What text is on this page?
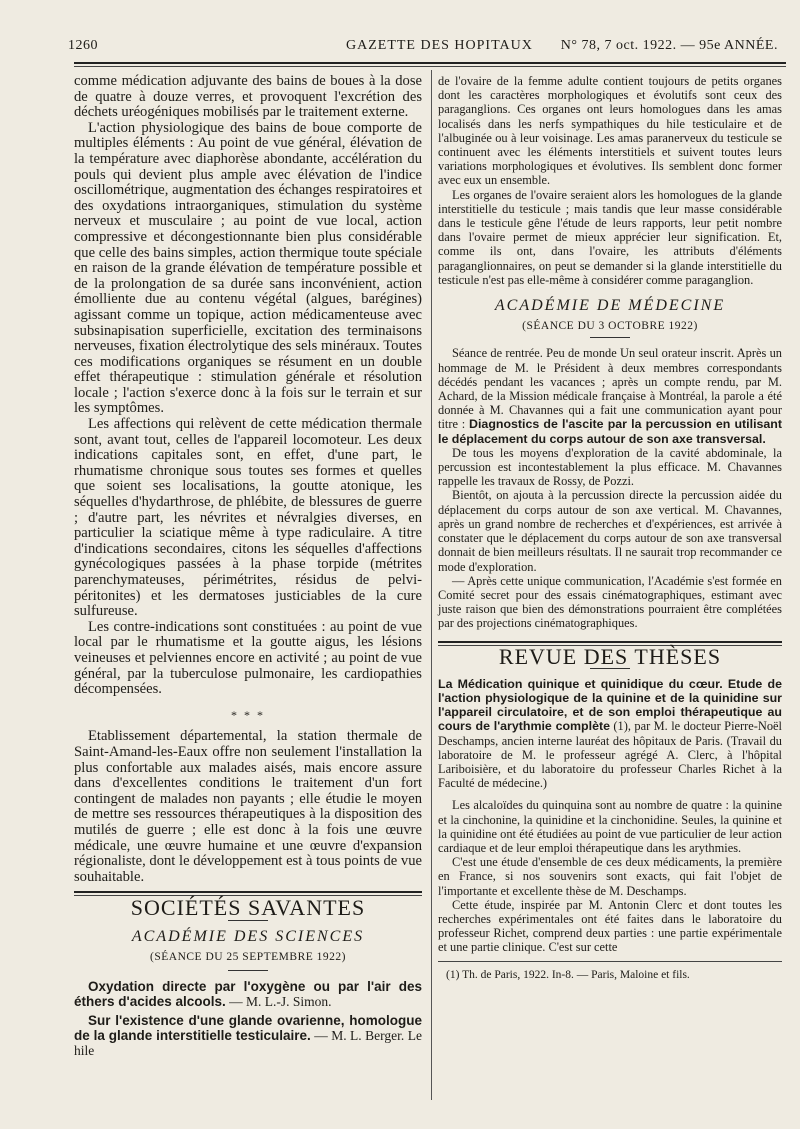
1260	GAZETTE DES HOPITAUX N° 78, 7 oct. 1922. — 95e ANNÉE.

comme médication adjuvante des bains de boues à la dose de quatre à douze verres, et provoquent l'excrétion des déchets uréogéniques mobilisés par le traitement externe.

L'action physiologique des bains de boue comporte de multiples éléments : Au point de vue général, élévation de la température avec diaphorèse abondante, accélération du pouls qui devient plus ample avec élévation de l'indice oscillométrique, augmentation des échanges respiratoires et des oxydations intraorganiques, stimulation du système nerveux et musculaire ; au point de vue local, action compressive et décongestionnante bien plus considérable que celle des bains simples, action thermique toute spéciale en raison de la grande élévation de température possible et de la prolongation de sa durée sans inconvénient, action émolliente due au contenu végétal (algues, barégines) agissant comme un topique, action médicamenteuse avec subsinapisation superficielle, excitation des terminaisons nerveuses, fixation électrolytique des sels minéraux. Toutes ces modifications organiques se résument en un double effet thérapeutique : stimulation générale et résolution locale ; l'action s'exerce donc à la fois sur le terrain et sur les symptômes.

Les affections qui relèvent de cette médication thermale sont, avant tout, celles de l'appareil locomoteur. Les deux indications capitales sont, en effet, d'une part, le rhumatisme chronique sous toutes ses formes et quelles que soient ses localisations, la goutte atonique, les séquelles d'hydarthrose, de phlébite, de blessures de guerre ; d'autre part, les névrites et névralgies diverses, en particulier la sciatique même à type radiculaire. A titre d'indications secondaires, citons les séquelles d'affections gynécologiques passées à la phase torpide (métrites parenchymateuses, périmétrites, résidus de pelvi-péritonites) et les dermatoses justiciables de la cure sulfureuse.

Les contre-indications sont constituées : au point de vue local par le rhumatisme et la goutte aigus, les lésions veineuses et pelviennes encore en activité ; au point de vue général, par la tuberculose pulmonaire, les cardiopathies décompensées.

* * *

Etablissement départemental, la station thermale de Saint-Amand-les-Eaux offre non seulement l'installation la plus confortable aux malades aisés, mais encore assure dans d'excellentes conditions le traitement d'un fort contingent de malades non payants ; elle étudie le moyen de mettre ses ressources thérapeutiques à la disposition des mutilés de guerre ; elle est donc à la fois une œuvre médicale, une œuvre humaine et une œuvre d'expansion régionaliste, dont le développement est à tous points de vue souhaitable.

SOCIÉTÉS SAVANTES
ACADÉMIE DES SCIENCES
(SÉANCE DU 25 SEPTEMBRE 1922)

Oxydation directe par l'oxygène ou par l'air des éthers d'acides alcools. — M. L.-J. Simon.

Sur l'existence d'une glande ovarienne, homologue de la glande interstitielle testiculaire. — M. L. Berger. Le hile

de l'ovaire de la femme adulte contient toujours de petits organes dont les caractères morphologiques et évolutifs sont ceux des paraganglions. Ces organes ont leurs homologues dans les amas localisés dans les nerfs sympathiques du hile testiculaire et de l'albuginée ou à leur voisinage. Les amas paranerveux du testicule se continuent avec les éléments interstitiels et suivent toutes leurs variations morphologiques et évolutives. Ils semblent donc former avec eux un ensemble.

Les organes de l'ovaire seraient alors les homologues de la glande interstitielle du testicule ; mais tandis que leur masse considérable dans le testicule gêne l'étude de leurs rapports, leur petit nombre dans l'ovaire permet de mieux apprécier leur signification. Et, comme ils ont, dans l'ovaire, les attributs d'éléments paraganglionnaires, on peut se demander si la glande interstitielle du testicule n'est pas elle-même à considérer comme paraganglion.

ACADÉMIE DE MÉDECINE
(SÉANCE DU 3 OCTOBRE 1922)

Séance de rentrée. Peu de monde Un seul orateur inscrit. Après un hommage de M. le Président à deux membres correspondants décédés pendant les vacances ; après un compte rendu, par M. Achard, de la Mission médicale française à Montréal, la parole a été donnée à M. Chavannes qui a fait une communication ayant pour titre : Diagnostics de l'ascite par la percussion en utilisant le déplacement du corps autour de son axe transversal.

De tous les moyens d'exploration de la cavité abdominale, la percussion est incontestablement la plus efficace. M. Chavannes rappelle les travaux de Rossy, de Pozzi.

Bientôt, on ajouta à la percussion directe la percussion aidée du déplacement du corps autour de son axe vertical. M. Chavannes, après un grand nombre de recherches et d'expériences, est arrivée à constater que le déplacement du corps autour de son axe transversal donnait de bien meilleurs résultats. Il ne saurait trop recommander ce mode d'exploration.

— Après cette unique communication, l'Académie s'est formée en Comité secret pour des essais cinématographiques, estimant avec juste raison que bien des démonstrations pourraient être complétées par des projections cinématographiques.

REVUE DES THÈSES

La Médication quinique et quinidique du cœur. Etude de l'action physiologique de la quinine et de la quinidine sur l'appareil circulatoire, et de son emploi thérapeutique au cours de l'arythmie complète (1), par M. le docteur Pierre-Noël Deschamps, ancien interne lauréat des hôpitaux de Paris. (Travail du laboratoire de M. le professeur agrégé A. Clerc, à l'hôpital Lariboisière, et du laboratoire du professeur Charles Richet à la Faculté de médecine.)

Les alcaloïdes du quinquina sont au nombre de quatre : la quinine et la cinchonine, la quinidine et la cinchonidine. Seules, la quinine et la quinidine ont été étudiées au point de vue particulier de leur action cardiaque et de leur emploi thérapeutique dans les arythmies.

C'est une étude d'ensemble de ces deux médicaments, la première en France, si nos souvenirs sont exacts, qui fait l'objet de l'importante et excellente thèse de M. Deschamps.

Cette étude, inspirée par M. Antonin Clerc et dont toutes les recherches expérimentales ont été faites dans le laboratoire du professeur Richet, comprend deux parties : une partie expérimentale et une partie clinique. C'est sur cette

(1) Th. de Paris, 1922. In-8. — Paris, Maloine et fils.
